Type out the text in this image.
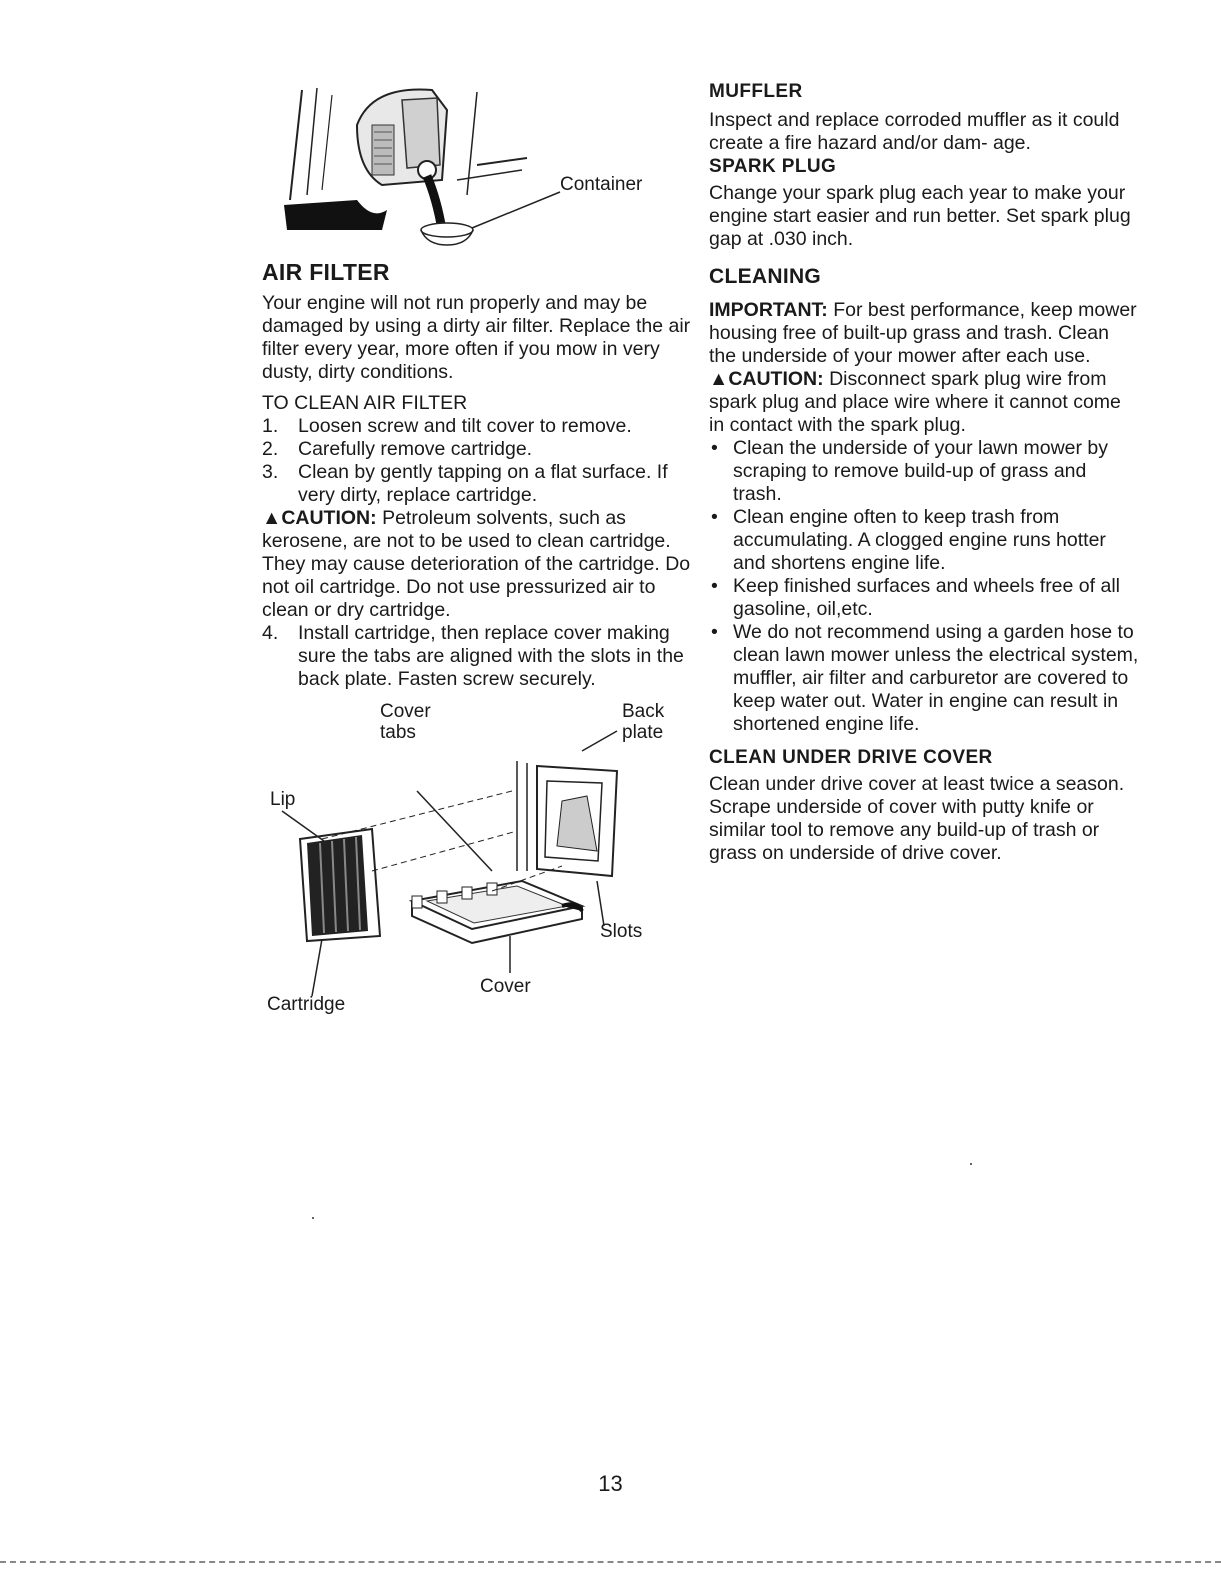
Container
AIR FILTER

Your engine will not run properly and may be damaged by using a dirty air filter. Replace the air filter every year, more often if you mow in very dusty, dirty conditions.

TO CLEAN AIR FILTER

1. Loosen screw and tilt cover to remove.
2. Carefully remove cartridge.
3. Clean by gently tapping on a flat surface. If very dirty, replace cartridge.

▲CAUTION: Petroleum solvents, such as kerosene, are not to be used to clean cartridge. They may cause deterioration of the cartridge. Do not oil cartridge. Do not use pressurized air to clean or dry cartridge.

4. Install cartridge, then replace cover making sure the tabs are aligned with the slots in the back plate. Fasten screw securely.
Cover
tabs
Back
plate
Lip
Slots
Cover
Cartridge
MUFFLER

Inspect and replace corroded muffler as it could create a fire hazard and/or dam- age.

SPARK PLUG

Change your spark plug each year to make your engine start easier and run better. Set spark plug gap at .030 inch.

CLEANING

IMPORTANT: For best performance, keep mower housing free of built-up grass and trash. Clean the underside of your mower after each use.

▲CAUTION: Disconnect spark plug wire from spark plug and place wire where it cannot come in contact with the spark plug.

• Clean the underside of your lawn mower by scraping to remove build-up of grass and trash.
• Clean engine often to keep trash from accumulating. A clogged engine runs hotter and shortens engine life.
• Keep finished surfaces and wheels free of all gasoline, oil,etc.
• We do not recommend using a garden hose to clean lawn mower unless the electrical system, muffler, air filter and carburetor are covered to keep water out. Water in engine can result in shortened engine life.
CLEAN UNDER DRIVE COVER

Clean under drive cover at least twice a season. Scrape underside of cover with putty knife or similar tool to remove any build-up of trash or grass on underside of drive cover.

13
